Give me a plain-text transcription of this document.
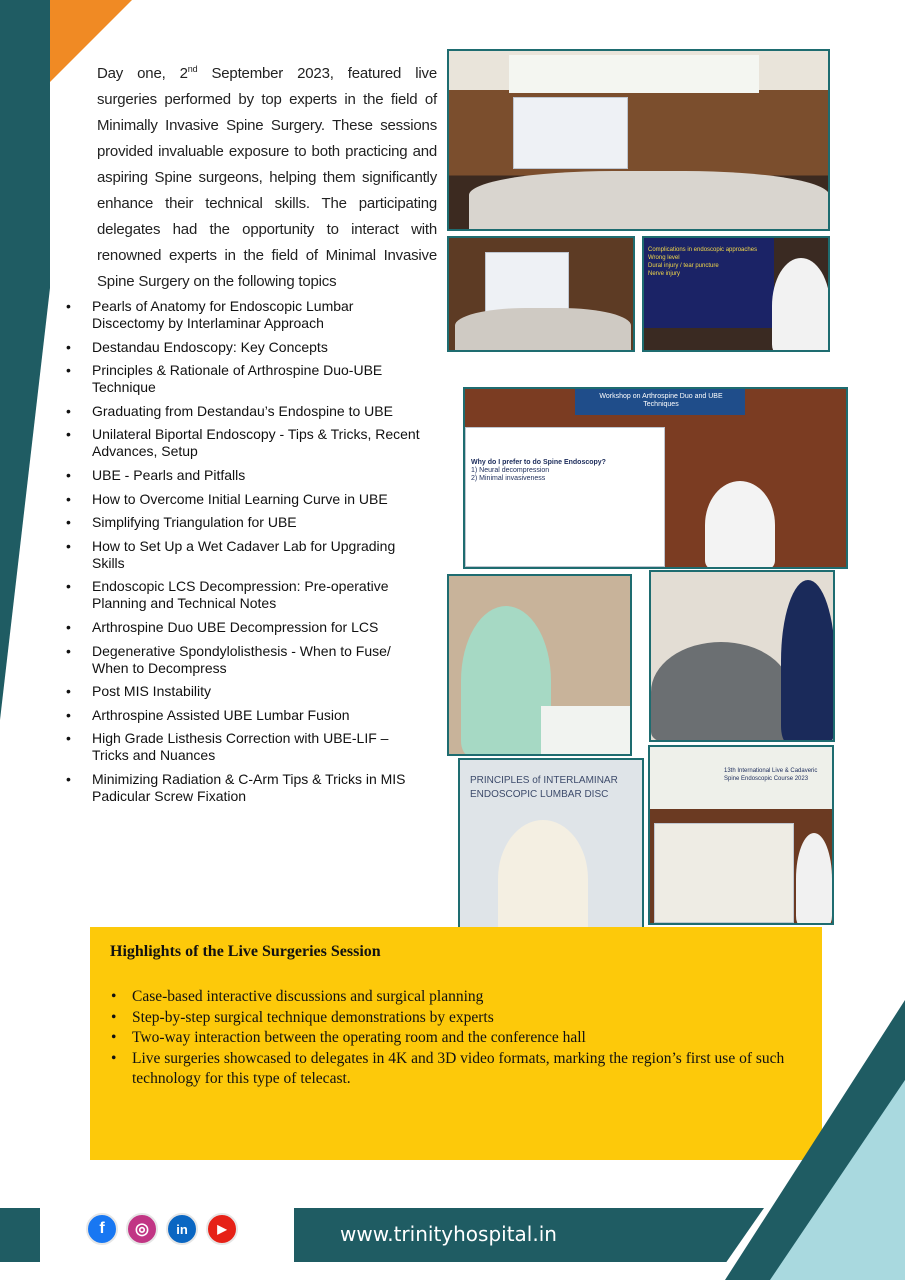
Day one, 2nd September 2023, featured live surgeries performed by top experts in the field of Minimally Invasive Spine Surgery. These sessions provided invaluable exposure to both practicing and aspiring Spine surgeons, helping them significantly enhance their technical skills. The participating delegates had the opportunity to interact with renowned experts in the field of Minimal Invasive Spine Surgery on the following topics

• Pearls of Anatomy for Endoscopic Lumbar Discectomy by Interlaminar Approach
• Destandau Endoscopy: Key Concepts
• Principles & Rationale of Arthrospine Duo-UBE Technique
• Graduating from Destandau’s Endospine to UBE
• Unilateral Biportal Endoscopy - Tips & Tricks, Recent Advances, Setup
• UBE - Pearls and Pitfalls
• How to Overcome Initial Learning Curve in UBE
• Simplifying Triangulation for UBE
• How to Set Up a Wet Cadaver Lab for Upgrading Skills
• Endoscopic LCS Decompression: Pre-operative Planning and Technical Notes
• Arthrospine Duo UBE Decompression for LCS
• Degenerative Spondylolisthesis - When to Fuse/ When to Decompress
• Post MIS Instability
• Arthrospine Assisted UBE Lumbar Fusion
• High Grade Listhesis Correction with UBE-LIF – Tricks and Nuances
• Minimizing Radiation & C-Arm Tips & Tricks in MIS Padicular Screw Fixation
Complications in endoscopic approaches
Wrong level
Dural injury / tear puncture
Nerve injury
Workshop on Arthrospine Duo and UBE Techniques
Why do I prefer to do Spine Endoscopy?
1) Neural decompression
2) Minimal invasiveness
PRINCIPLES of INTERLAMINAR ENDOSCOPIC LUMBAR DISC
13th International Live & Cadaveric Spine Endoscopic Course 2023
Highlights of the Live Surgeries Session
• Case-based interactive discussions and surgical planning
• Step-by-step surgical technique demonstrations by experts
• Two-way interaction between the operating room and the conference hall
• Live surgeries showcased to delegates in 4K and 3D video formats, marking the region’s first use of such technology for this type of telecast.
f	◎	in	▶	www.trinityhospital.in
